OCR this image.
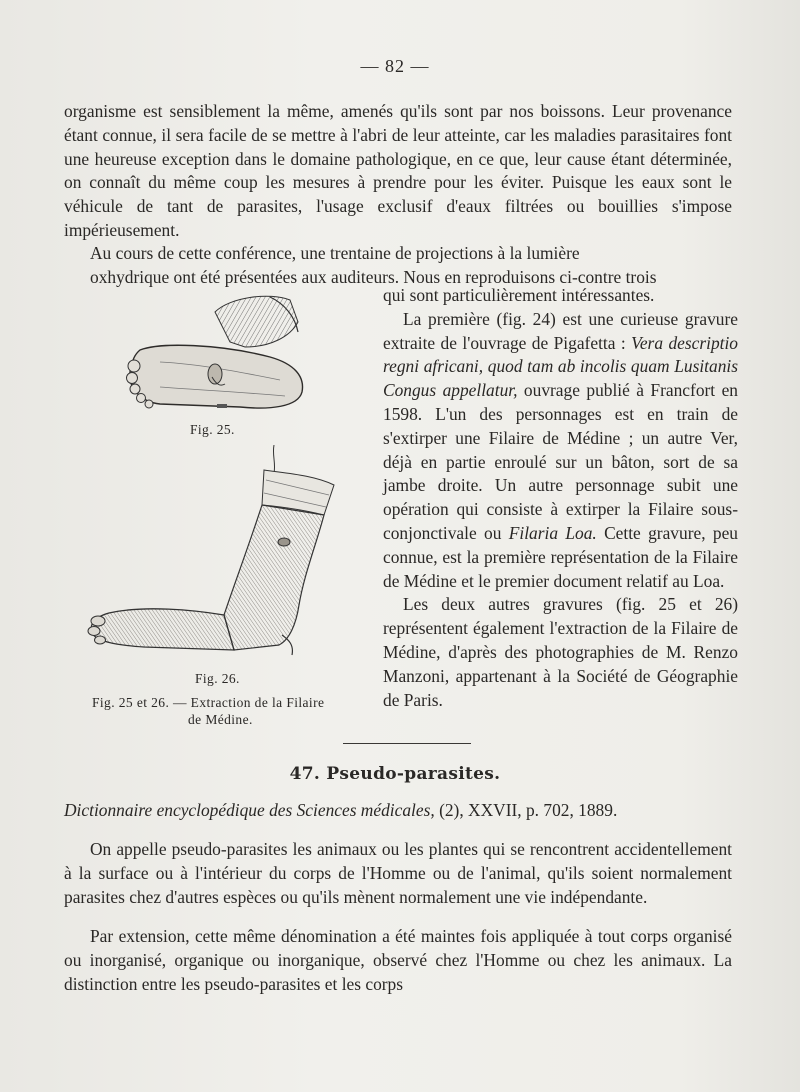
— 82 —
organisme est sensiblement la même, amenés qu'ils sont par nos boissons. Leur provenance étant connue, il sera facile de se mettre à l'abri de leur atteinte, car les maladies parasitaires font une heureuse exception dans le domaine pathologique, en ce que, leur cause étant déterminée, on connaît du même coup les mesures à prendre pour les éviter. Puisque les eaux sont le véhicule de tant de parasites, l'usage exclusif d'eaux filtrées ou bouillies s'impose impérieusement.
Au cours de cette conférence, une trentaine de projections à la lumière
oxhydrique ont été présentées aux auditeurs. Nous en reproduisons ci-contre trois

qui sont particulièrement intéressantes.

La première (fig. 24) est une curieuse gravure extraite de l'ouvrage de Pigafetta : Vera descriptio regni africani, quod tam ab incolis quam Lusitanis Congus appellatur, ouvrage publié à Francfort en 1598. L'un des personnages est en train de s'extirper une Filaire de Médine ; un autre Ver, déjà en partie enroulé sur un bâton, sort de sa jambe droite. Un autre personnage subit une opération qui consiste à extirper la Filaire sous-conjonctivale ou Filaria Loa. Cette gravure, peu connue, est la première représentation de la Filaire de Médine et le premier document relatif au Loa.

Les deux autres gravures (fig. 25 et 26) représentent également l'extraction de la Filaire de Médine, d'après des photographies de M. Renzo Manzoni, appartenant à la Société de Géographie de Paris.

Fig. 25.
Fig. 26.
Fig. 25 et 26. — Extraction de la Filaire
de Médine.
47. Pseudo-parasites.
Dictionnaire encyclopédique des Sciences médicales, (2), XXVII, p. 702, 1889.
On appelle pseudo-parasites les animaux ou les plantes qui se rencontrent accidentellement à la surface ou à l'intérieur du corps de l'Homme ou de l'animal, qu'ils soient normalement parasites chez d'autres espèces ou qu'ils mènent normalement une vie indépendante.
Par extension, cette même dénomination a été maintes fois appliquée à tout corps organisé ou inorganisé, organique ou inorganique, observé chez l'Homme ou chez les animaux. La distinction entre les pseudo-parasites et les corps
